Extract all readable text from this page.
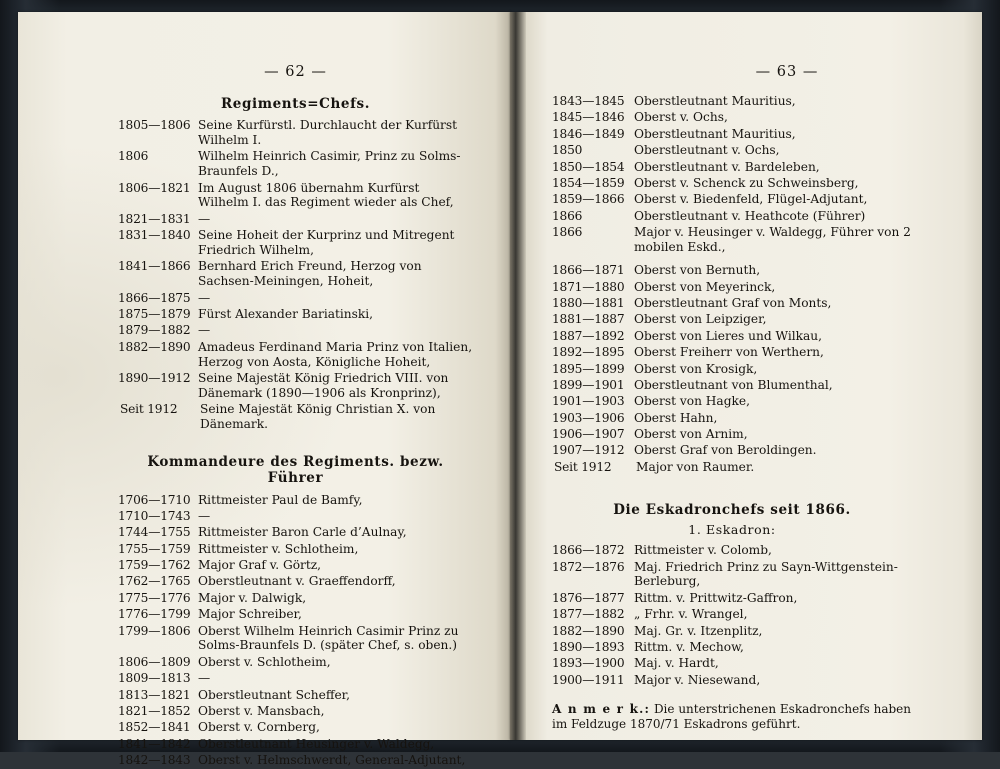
— 62 —
Regiments=Chefs.
1805—1806 Seine Kurfürstl. Durchlaucht der Kurfürst Wilhelm I.
1806	Wilhelm Heinrich Casimir, Prinz zu Solms-Braunfels D.,
1806—1821 Im August 1806 übernahm Kurfürst Wilhelm I. das Regiment wieder als Chef,
1821—1831 —
1831—1840 Seine Hoheit der Kurprinz und Mitregent Friedrich Wilhelm,
1841—1866 Bernhard Erich Freund, Herzog von Sachsen-Meiningen, Hoheit,
1866—1875 —
1875—1879 Fürst Alexander Bariatinski,
1879—1882 —
1882—1890 Amadeus Ferdinand Maria Prinz von Italien, Herzog von Aosta, Königliche Hoheit,
1890—1912 Seine Majestät König Friedrich VIII. von Dänemark (1890—1906 als Kronprinz),
Seit 1912	Seine Majestät König Christian X. von Dänemark.
Kommandeure des Regiments. bezw. Führer
1706—1710 Rittmeister Paul de Bamfy,
1710—1743 —
1744—1755 Rittmeister Baron Carle d’Aulnay,
1755—1759 Rittmeister v. Schlotheim,
1759—1762 Major Graf v. Görtz,
1762—1765 Oberstleutnant v. Graeffendorff,
1775—1776 Major v. Dalwigk,
1776—1799 Major Schreiber,
1799—1806 Oberst Wilhelm Heinrich Casimir Prinz zu Solms-Braunfels D. (später Chef, s. oben.)
1806—1809 Oberst v. Schlotheim,
1809—1813 —
1813—1821 Oberstleutnant Scheffer,
1821—1852 Oberst v. Mansbach,
1852—1841 Oberst v. Cornberg,
1841—1842 Oberstleutnant Heusinger v. Waldegg,
1842—1843 Oberst v. Helmschwerdt, General-Adjutant,
— 63 —
1843—1845 Oberstleutnant Mauritius,
1845—1846 Oberst v. Ochs,
1846—1849 Oberstleutnant Mauritius,
1850	Oberstleutnant v. Ochs,
1850—1854 Oberstleutnant v. Bardeleben,
1854—1859 Oberst v. Schenck zu Schweinsberg,
1859—1866 Oberst v. Biedenfeld, Flügel-Adjutant,
1866	Oberstleutnant v. Heathcote (Führer)
1866	Major v. Heusinger v. Waldegg, Führer von 2 mobilen Eskd.,
1866—1871 Oberst von Bernuth,
1871—1880 Oberst von Meyerinck,
1880—1881 Oberstleutnant Graf von Monts,
1881—1887 Oberst von Leipziger,
1887—1892 Oberst von Lieres und Wilkau,
1892—1895 Oberst Freiherr von Werthern,
1895—1899 Oberst von Krosigk,
1899—1901 Oberstleutnant von Blumenthal,
1901—1903 Oberst von Hagke,
1903—1906 Oberst Hahn,
1906—1907 Oberst von Arnim,
1907—1912 Oberst Graf von Beroldingen.
Seit 1912	Major von Raumer.
Die Eskadronchefs seit 1866.
1. Eskadron:
1866—1872 Rittmeister v. Colomb,
1872—1876 Maj. Friedrich Prinz zu Sayn-Wittgenstein-Berleburg,
1876—1877 Rittm. v. Prittwitz-Gaffron,
1877—1882 „ Frhr. v. Wrangel,
1882—1890 Maj. Gr. v. Itzenplitz,
1890—1893 Rittm. v. Mechow,
1893—1900 Maj. v. Hardt,
1900—1911 Major v. Niesewand,
A n m e r k.: Die unterstrichenen Eskadronchefs haben im Feldzuge 1870/71 Eskadrons geführt.
